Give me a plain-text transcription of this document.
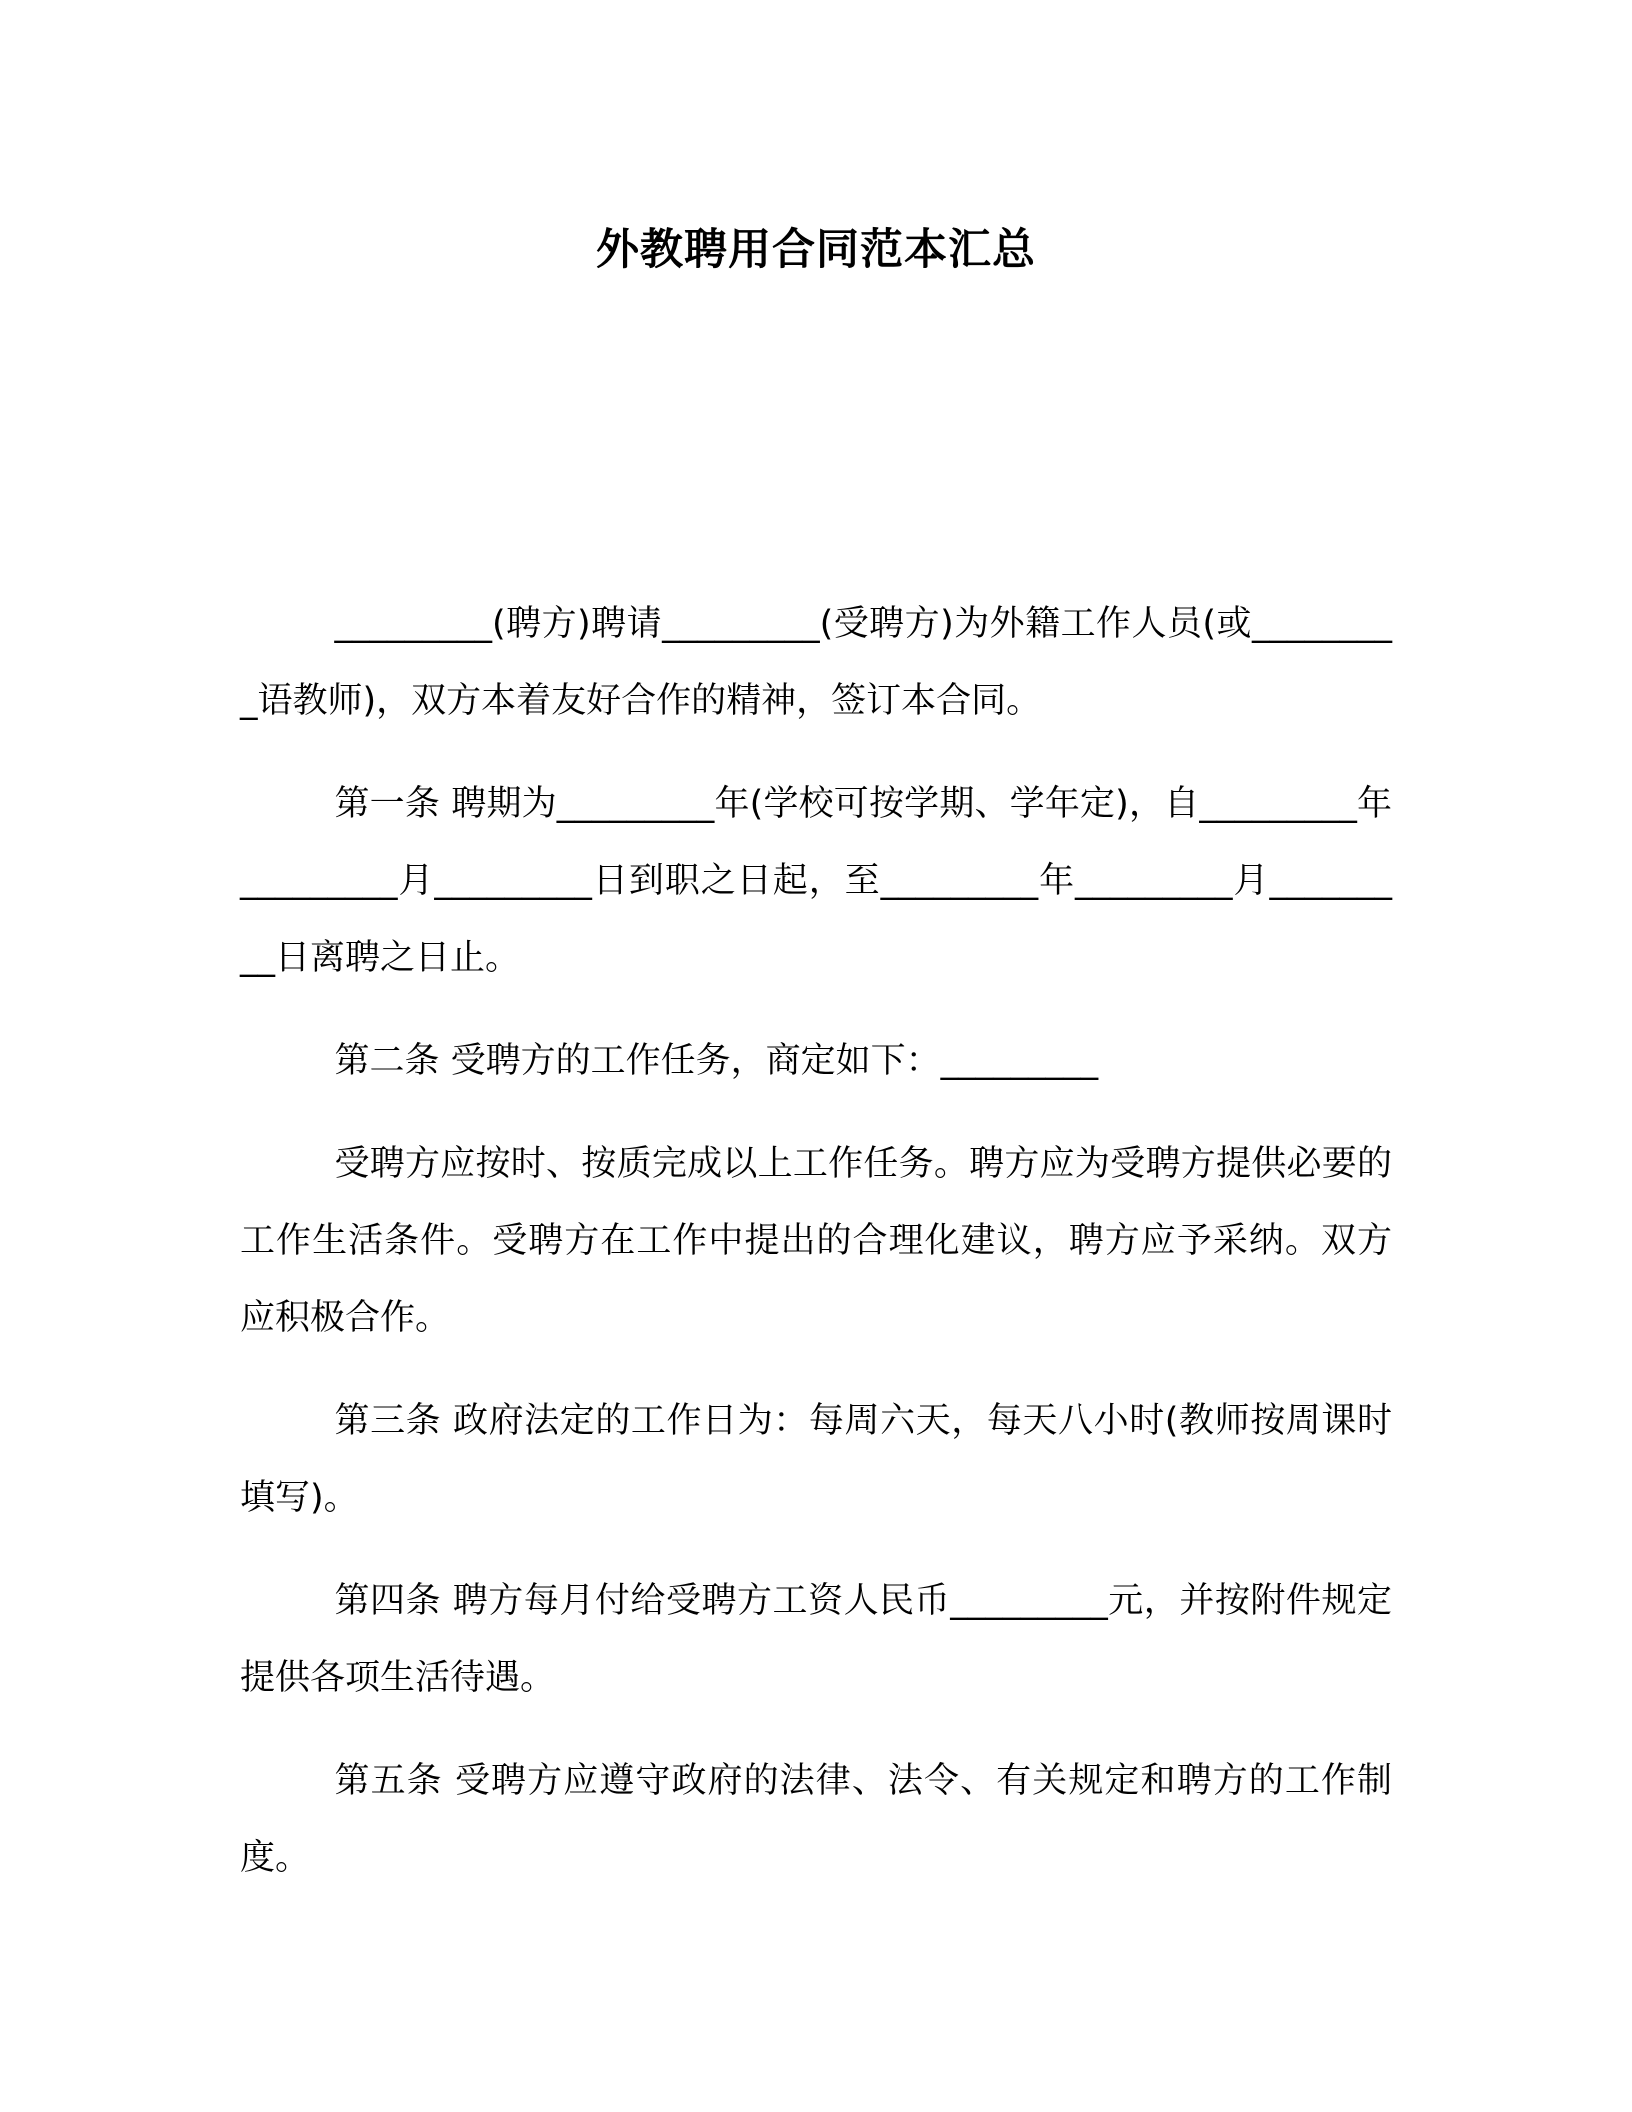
外教聘用合同范本汇总

_________(聘方)聘请_________(受聘方)为外籍工作人员(或_________语教师)，双方本着友好合作的精神，签订本合同。

第一条 聘期为_________年(学校可按学期、学年定)，自_________年_________月_________日到职之日起，至_________年_________月_________日离聘之日止。

第二条 受聘方的工作任务，商定如下：_________

受聘方应按时、按质完成以上工作任务。聘方应为受聘方提供必要的工作生活条件。受聘方在工作中提出的合理化建议，聘方应予采纳。双方应积极合作。

第三条 政府法定的工作日为：每周六天，每天八小时(教师按周课时填写)。

第四条 聘方每月付给受聘方工资人民币_________元，并按附件规定提供各项生活待遇。

第五条 受聘方应遵守政府的法律、法令、有关规定和聘方的工作制度。
